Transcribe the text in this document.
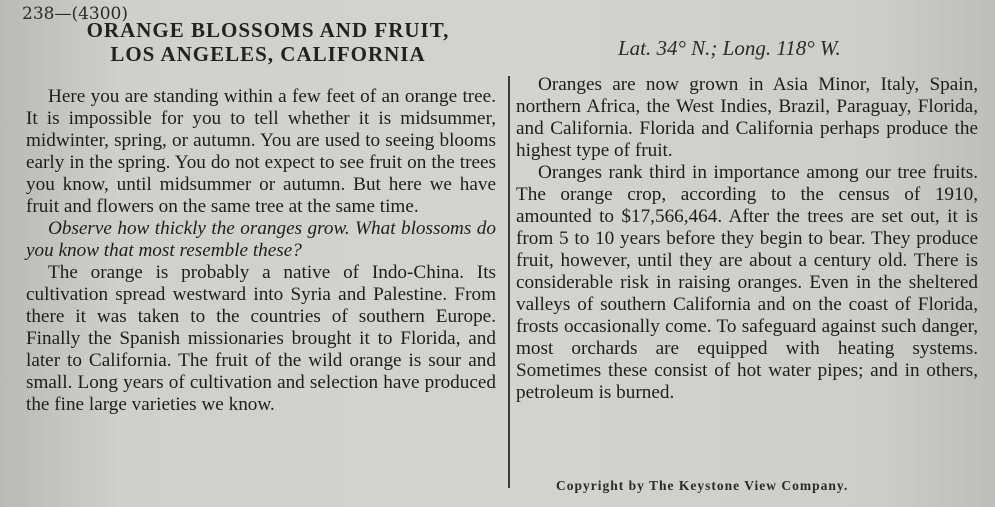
238—(4300)
ORANGE BLOSSOMS AND FRUIT,
LOS ANGELES, CALIFORNIA	Lat. 34° N.; Long. 118° W.

Here you are standing within a few feet of an orange tree. It is impossible for you to tell whether it is midsummer, midwinter, spring, or autumn. You are used to seeing blooms early in the spring. You do not expect to see fruit on the trees you know, until midsummer or autumn. But here we have fruit and flowers on the same tree at the same time.

Observe how thickly the oranges grow. What blossoms do you know that most resemble these?

The orange is probably a native of Indo-China. Its cultivation spread westward into Syria and Palestine. From there it was taken to the countries of southern Europe. Finally the Spanish missionaries brought it to Florida, and later to California. The fruit of the wild orange is sour and small. Long years of cultivation and selection have produced the fine large varieties we know.

Oranges are now grown in Asia Minor, Italy, Spain, northern Africa, the West Indies, Brazil, Paraguay, Florida, and California. Florida and California perhaps produce the highest type of fruit.

Oranges rank third in importance among our tree fruits. The orange crop, according to the census of 1910, amounted to $17,566,464. After the trees are set out, it is from 5 to 10 years before they begin to bear. They produce fruit, however, until they are about a century old. There is considerable risk in raising oranges. Even in the sheltered valleys of southern California and on the coast of Florida, frosts occasionally come. To safeguard against such danger, most orchards are equipped with heating systems. Sometimes these consist of hot water pipes; and in others, petroleum is burned.

Copyright by The Keystone View Company.
